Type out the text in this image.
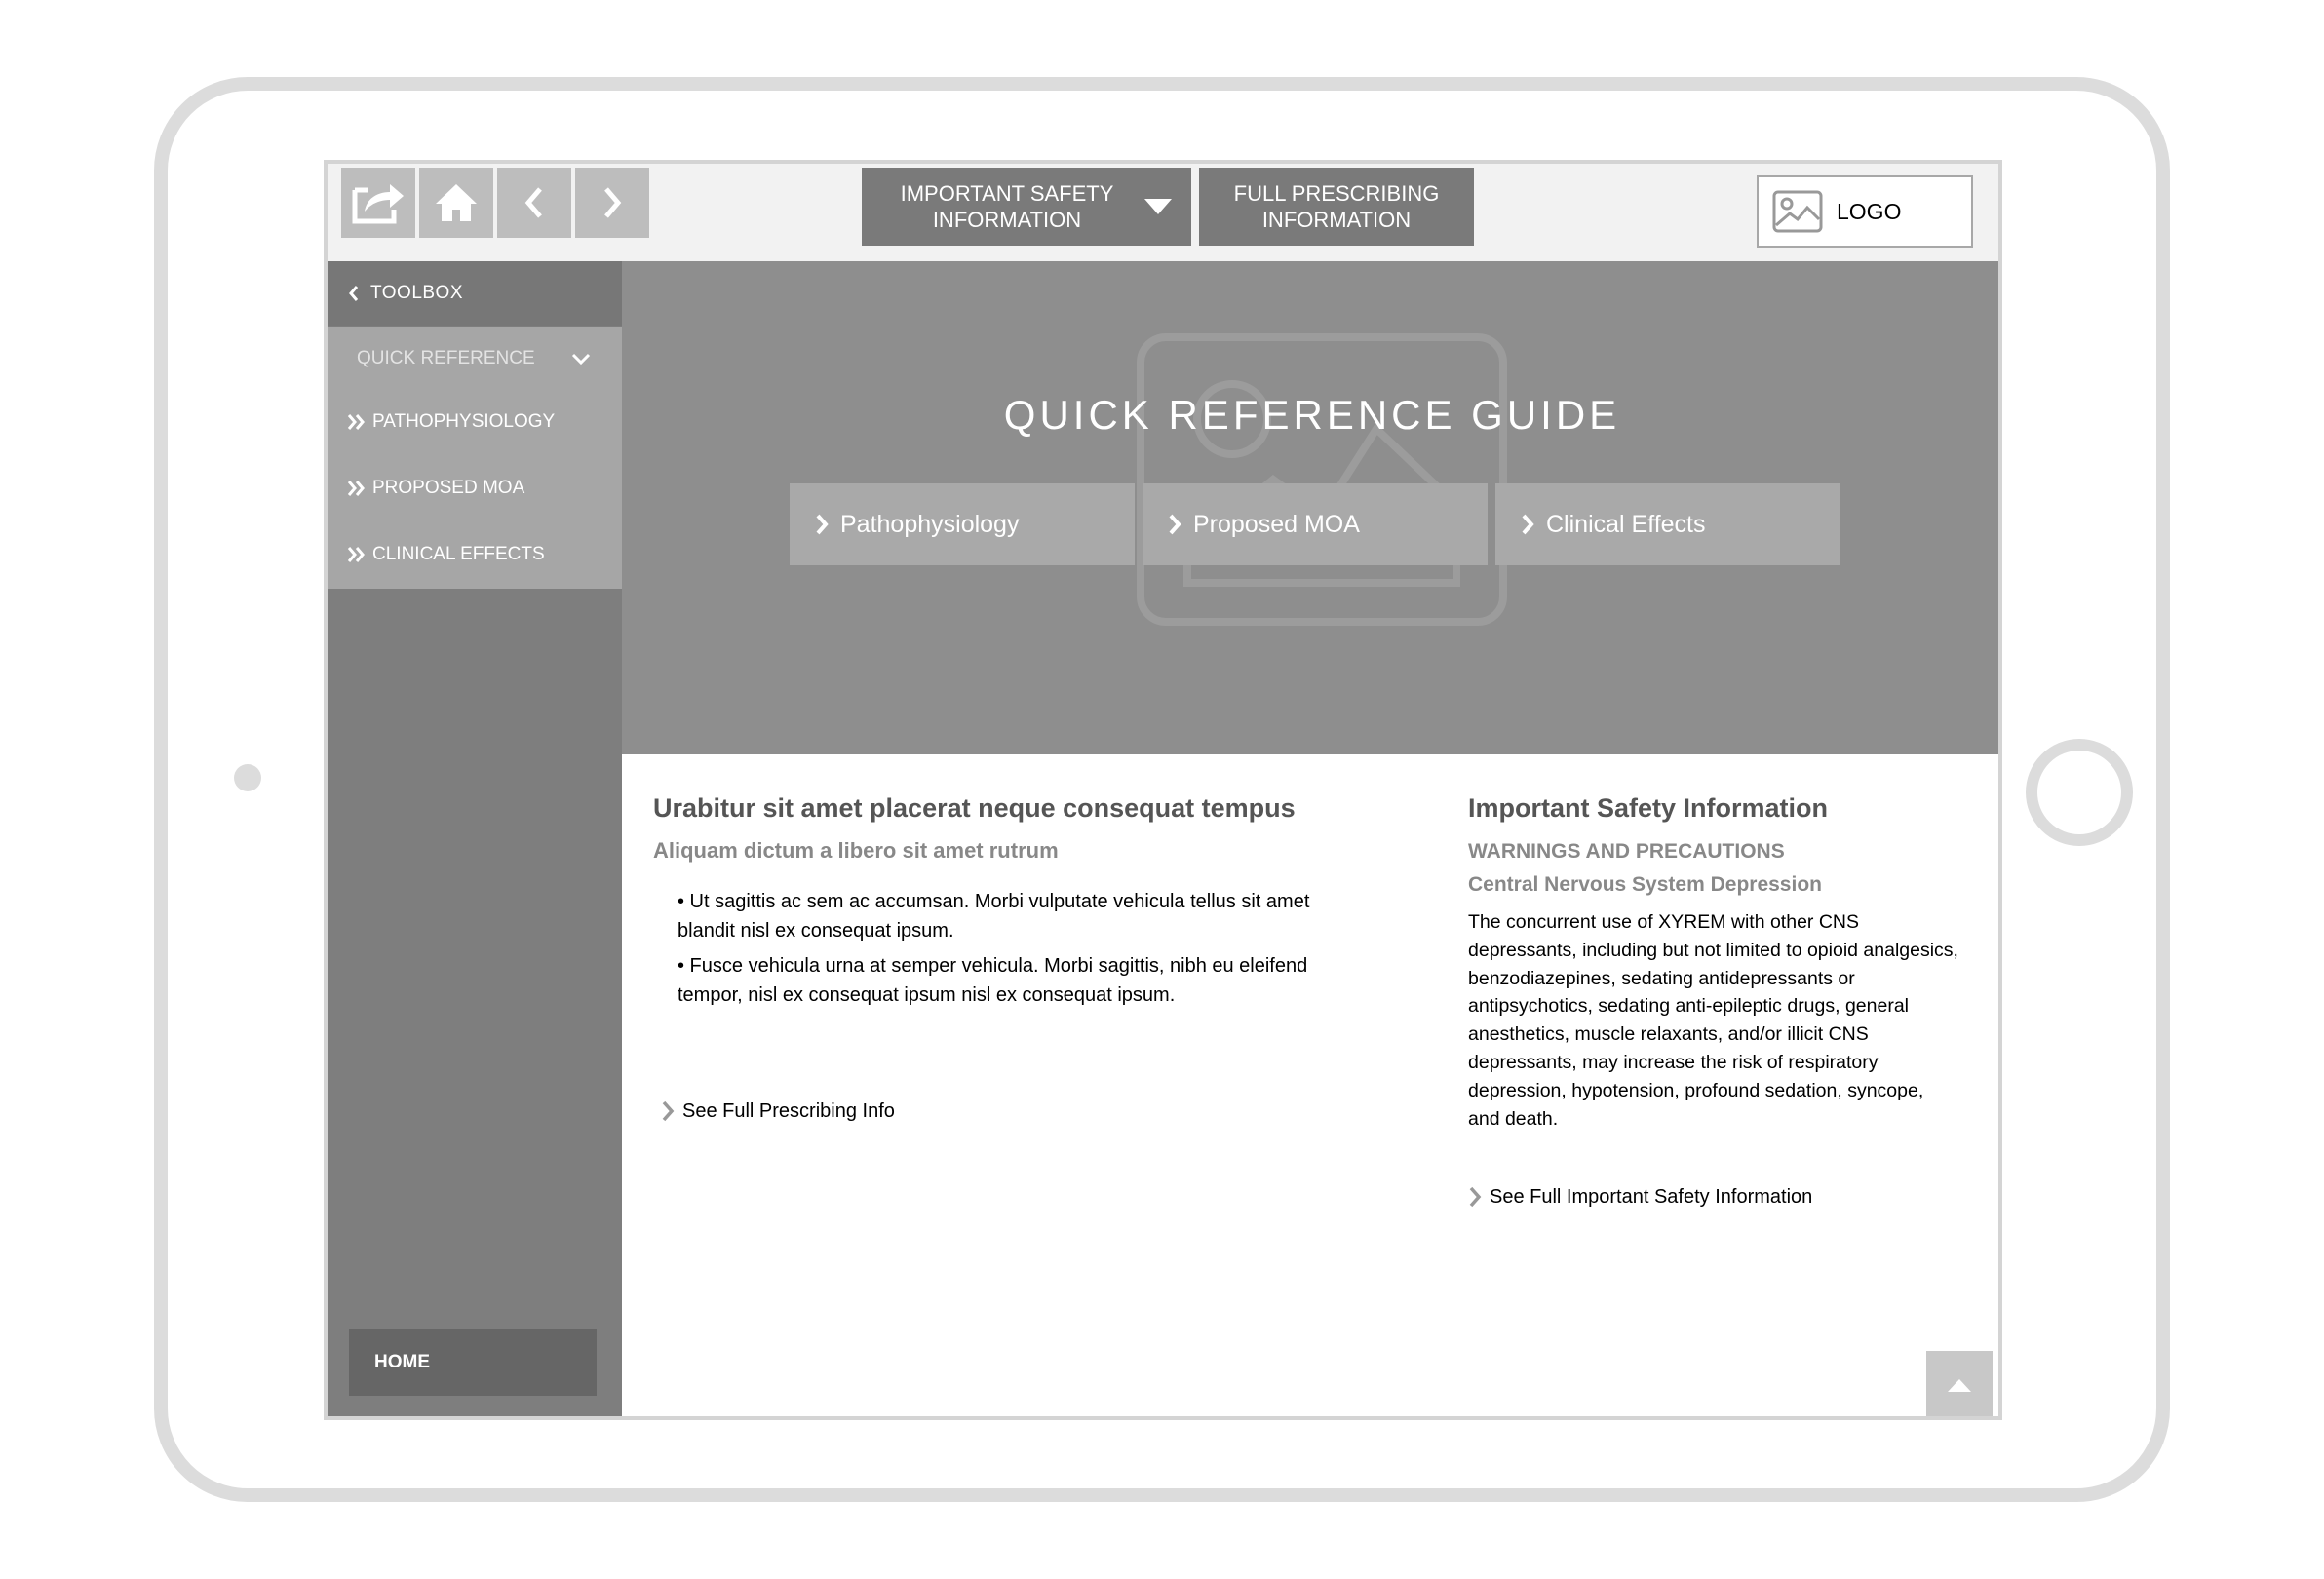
IMPORTANT SAFETY
INFORMATION
FULL PRESCRIBING
INFORMATION	LOGO
TOOLBOX
QUICK REFERENCE
PATHOPHYSIOLOGY
PROPOSED MOA
CLINICAL EFFECTS
HOME
QUICK REFERENCE GUIDE
Pathophysiology	Proposed MOA	Clinical Effects
Urabitur sit amet placerat neque consequat tempus
Aliquam dictum a libero sit amet rutrum

• Ut sagittis ac sem ac accumsan. Morbi vulputate vehicula tellus sit amet blandit nisl ex consequat ipsum.

• Fusce vehicula urna at semper vehicula. Morbi sagittis, nibh eu eleifend tempor, nisl ex consequat ipsum nisl ex consequat ipsum.

See Full Prescribing Info
Important Safety Information
WARNINGS AND PRECAUTIONS
Central Nervous System Depression
The concurrent use of XYREM with other CNS depressants, including but not limited to opioid analgesics, benzodiazepines, sedating antidepressants or antipsychotics, sedating anti-epileptic drugs, general anesthetics, muscle relaxants, and/or illicit CNS depressants, may increase the risk of respiratory depression, hypotension, profound sedation, syncope, and death.
See Full Important Safety Information
